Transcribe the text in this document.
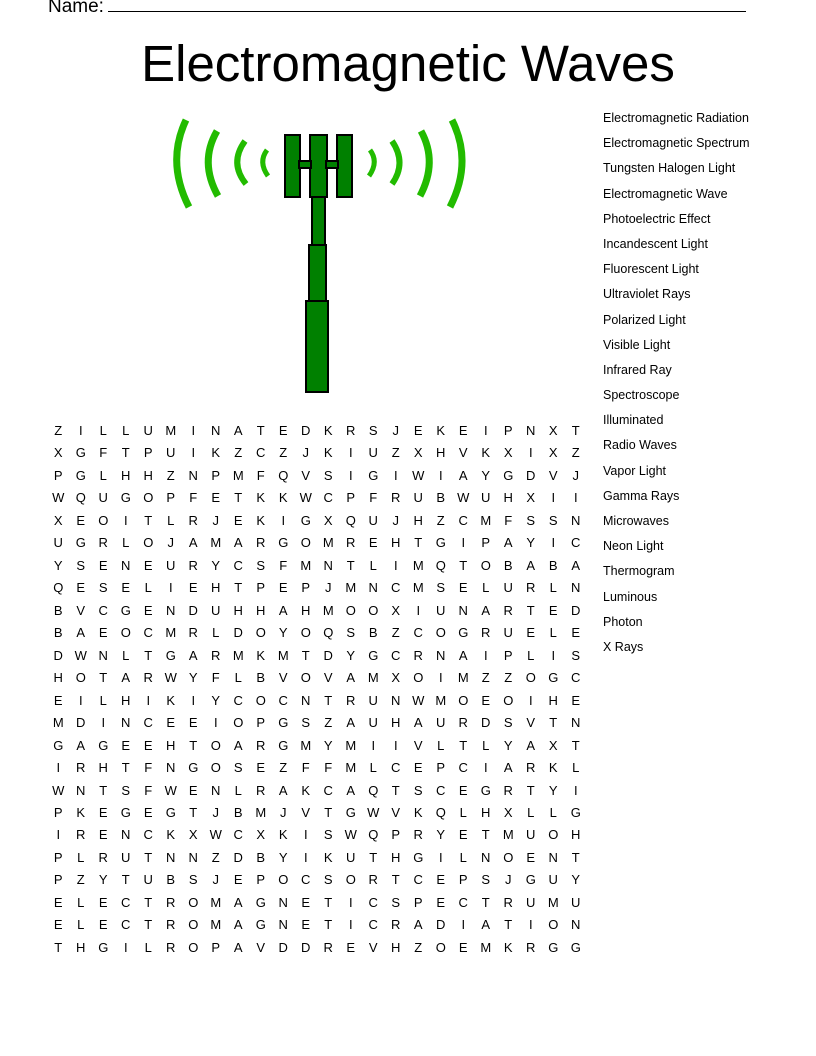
Name:
Electromagnetic Waves
Electromagnetic Radiation
Electromagnetic Spectrum
Tungsten Halogen Light
Electromagnetic Wave
Photoelectric Effect
Incandescent Light
Fluorescent Light
Ultraviolet Rays
Polarized Light
Visible Light
Infrared Ray
Spectroscope
Illuminated
Radio Waves
Vapor Light
Gamma Rays
Microwaves
Neon Light
Thermogram
Luminous
Photon
X Rays
Z	I	L	L	U M	I	N	A	T	E	D	K	R	S	J	E	K	E	I	P	N	X	T
X	G	F	T	P	U	I	K	Z	C	Z	J	K	I	U	Z	X	H	V	K	X	I	X	Z
P	G	L	H	H	Z	N	P M	F	Q	V	S	I	G	I	W	I	A	Y	G D	V	J
W Q U G O	P	F	E	T	K	K W C	P	F	R	U	B W U	H	X	I	I
X	E	O	I	T	L	R	J	E	K	I	G	X	Q U	J	H	Z	C M	F	S	S	N
U G R	L	O	J	A M A	R G O M R	E	H	T	G	I	P	A	Y	I	C
Y	S	E	N	E	U	R	Y	C	S	F	M N	T	L	I	M Q	T	O	B	A	B	A
Q	E	S	E	L	I	E	H	T	P	E	P	J	M N	C M S	E	L	U	R	L	N
B	V	C G	E	N	D	U	H	H	A	H M O O	X	I	U	N	A	R	T	E	D
B	A	E	O C M R	L	D O	Y	O Q	S	B	Z	C O G R	U	E	L	E
D W N	L	T	G	A	R M K M	T	D	Y	G C	R	N	A	I	P	L	I	S
H O	T	A	R W Y	F	L	B	V	O	V	A M X	O	I	M	Z	Z	O G C
E	I	L	H	I	K	I	Y	C O C	N	T	R	U	N W M O	E	O	I	H	E
M D	I	N	C	E	E	I	O	P	G	S	Z	A	U	H	A	U	R	D	S	V	T	N
G	A	G	E	E	H	T	O	A	R G M Y M	I	I	V	L	T	L	Y	A	X	T
I	R	H	T	F	N G O	S	E	Z	F	F	M	L	C	E	P	C	I	A	R	K	L
W N	T	S	F W E	N	L	R	A	K	C	A	Q	T	S	C	E	G R	T	Y	I
P	K	E	G	E	G	T	J	B M	J	V	T	G W V	K	Q	L	H	X	L	L	G
I	R	E	N	C	K	X W C	X	K	I	S W Q	P	R	Y	E	T	M U O H
P	L	R	U	T	N	N	Z	D	B	Y	I	K	U	T	H G	I	L	N O	E	N	T
P	Z	Y	T	U	B	S	J	E	P	O C	S	O R	T	C	E	P	S	J	G U	Y
E	L	E	C	T	R O M A	G N	E	T	I	C	S	P	E	C	T	R	U M U
E	L	E	C	T	R O M A	G N	E	T	I	C	R	A	D	I	A	T	I	O N
T	H G	I	L	R O	P	A	V	D	D	R	E	V	H	Z	O	E M K	R G G
